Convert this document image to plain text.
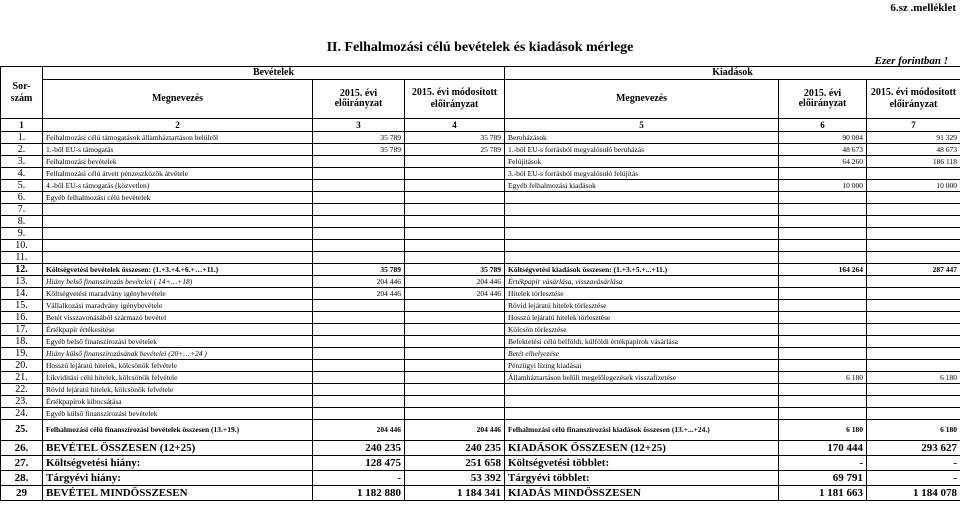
6.sz .melléklet
II. Felhalmozási célú bevételek és kiadások mérlege
Ezer forintban !
Sor-
szám	Bevételek			Kiadások		
	Megnevezés	2015. évi előirányzat	2015. évi módosított előirányzat	Megnevezés	2015. évi előirányzat	2015. évi módosított előirányzat
1	2	3	4	5	6	7
1.	Felhalmozási célú támogatások államháztartáson belülről	35 789	35 789	Beruházások	90 004	91 329
2.	1.-ből EU-s támogatás	35 789	25 789	1.-ből EU-s forrásból megvalósuló beruházás	48 673	48 673
3.	Felhalmozási bevételek			Felújítások	64 260	186 118
4.	Felhalmozási célú átvett pénzeszközök átvétele			3.-ból EU-s forrásból megvalósuló felújítás		
5.	4.-ből EU-s támogatás (közvetlen)			Egyéb felhalmozási kiadások	10 000	10 000
6.	Egyéb felhalmozási célú bevételek					
7.						
8.						
9.						
10.						
11.						
12.	Költségvetési bevételek összesen: (1.+3.+4.+6.+…+11.)	35 789	35 789	Költségvetési kiadások összesen: (1.+3.+5.+...+11.)	164 264	287 447
13.	Hiány belső finanszírozás bevételei ( 14+…+18)	204 446	204 446	Értékpapír vásárlása, visszavásárlása		
14.	Költségvetési maradvány igénybevétele	204 446	204 446	Hitelek törlesztése		
15.	Vállalkozási maradvány igénybevétele			Rövid lejáratú hitelek törlesztése		
16.	Betét visszavonásából származó bevétel			Hosszú lejáratú hitelek törlesztése		
17.	Értékpapír értékesítése			Kölcsön törlesztése		
18.	Egyéb belső finanszírozási bevételek			Befektetési célú belföldi, külföldi értékpapírok vásárlása		
19.	Hiány külső finanszírozásának bevételei (20+…+24 )			Betét elhelyezése		
20.	Hosszú lejáratú hitelek, kölcsönök felvétele			Pénzügyi lízing kiadásai		
21.	Likviditási célú hitelek, kölcsönök felvétele			Államháztartáson belüli megelőlegezések visszafizetése	6 180	6 180
22.	Rövid lejáratú hitelek, kölcsönök felvétele					
23.	Értékpapírok kibocsátása					
24.	Egyéb külső finanszírozási bevételek					
25.	Felhalmozási célú finanszírozási bevételek összesen (13.+19.)	204 446	204 446	Felhalmozási célú finanszírozási kiadások összesen (13.+...+24.)	6 180	6 180
26.	BEVÉTEL ÖSSZESEN (12+25)	240 235	240 235	KIADÁSOK ÖSSZESEN (12+25)	170 444	293 627
27.	Költségvetési hiány:	128 475	251 658	Költségvetési többlet:	-	-
28.	Tárgyévi hiány:	-	53 392	Tárgyévi többlet:	69 791	-
29	BEVÉTEL MINDÖSSZESEN	1 182 880	1 184 341	KIADÁS MINDÖSSZESEN	1 181 663	1 184 078
